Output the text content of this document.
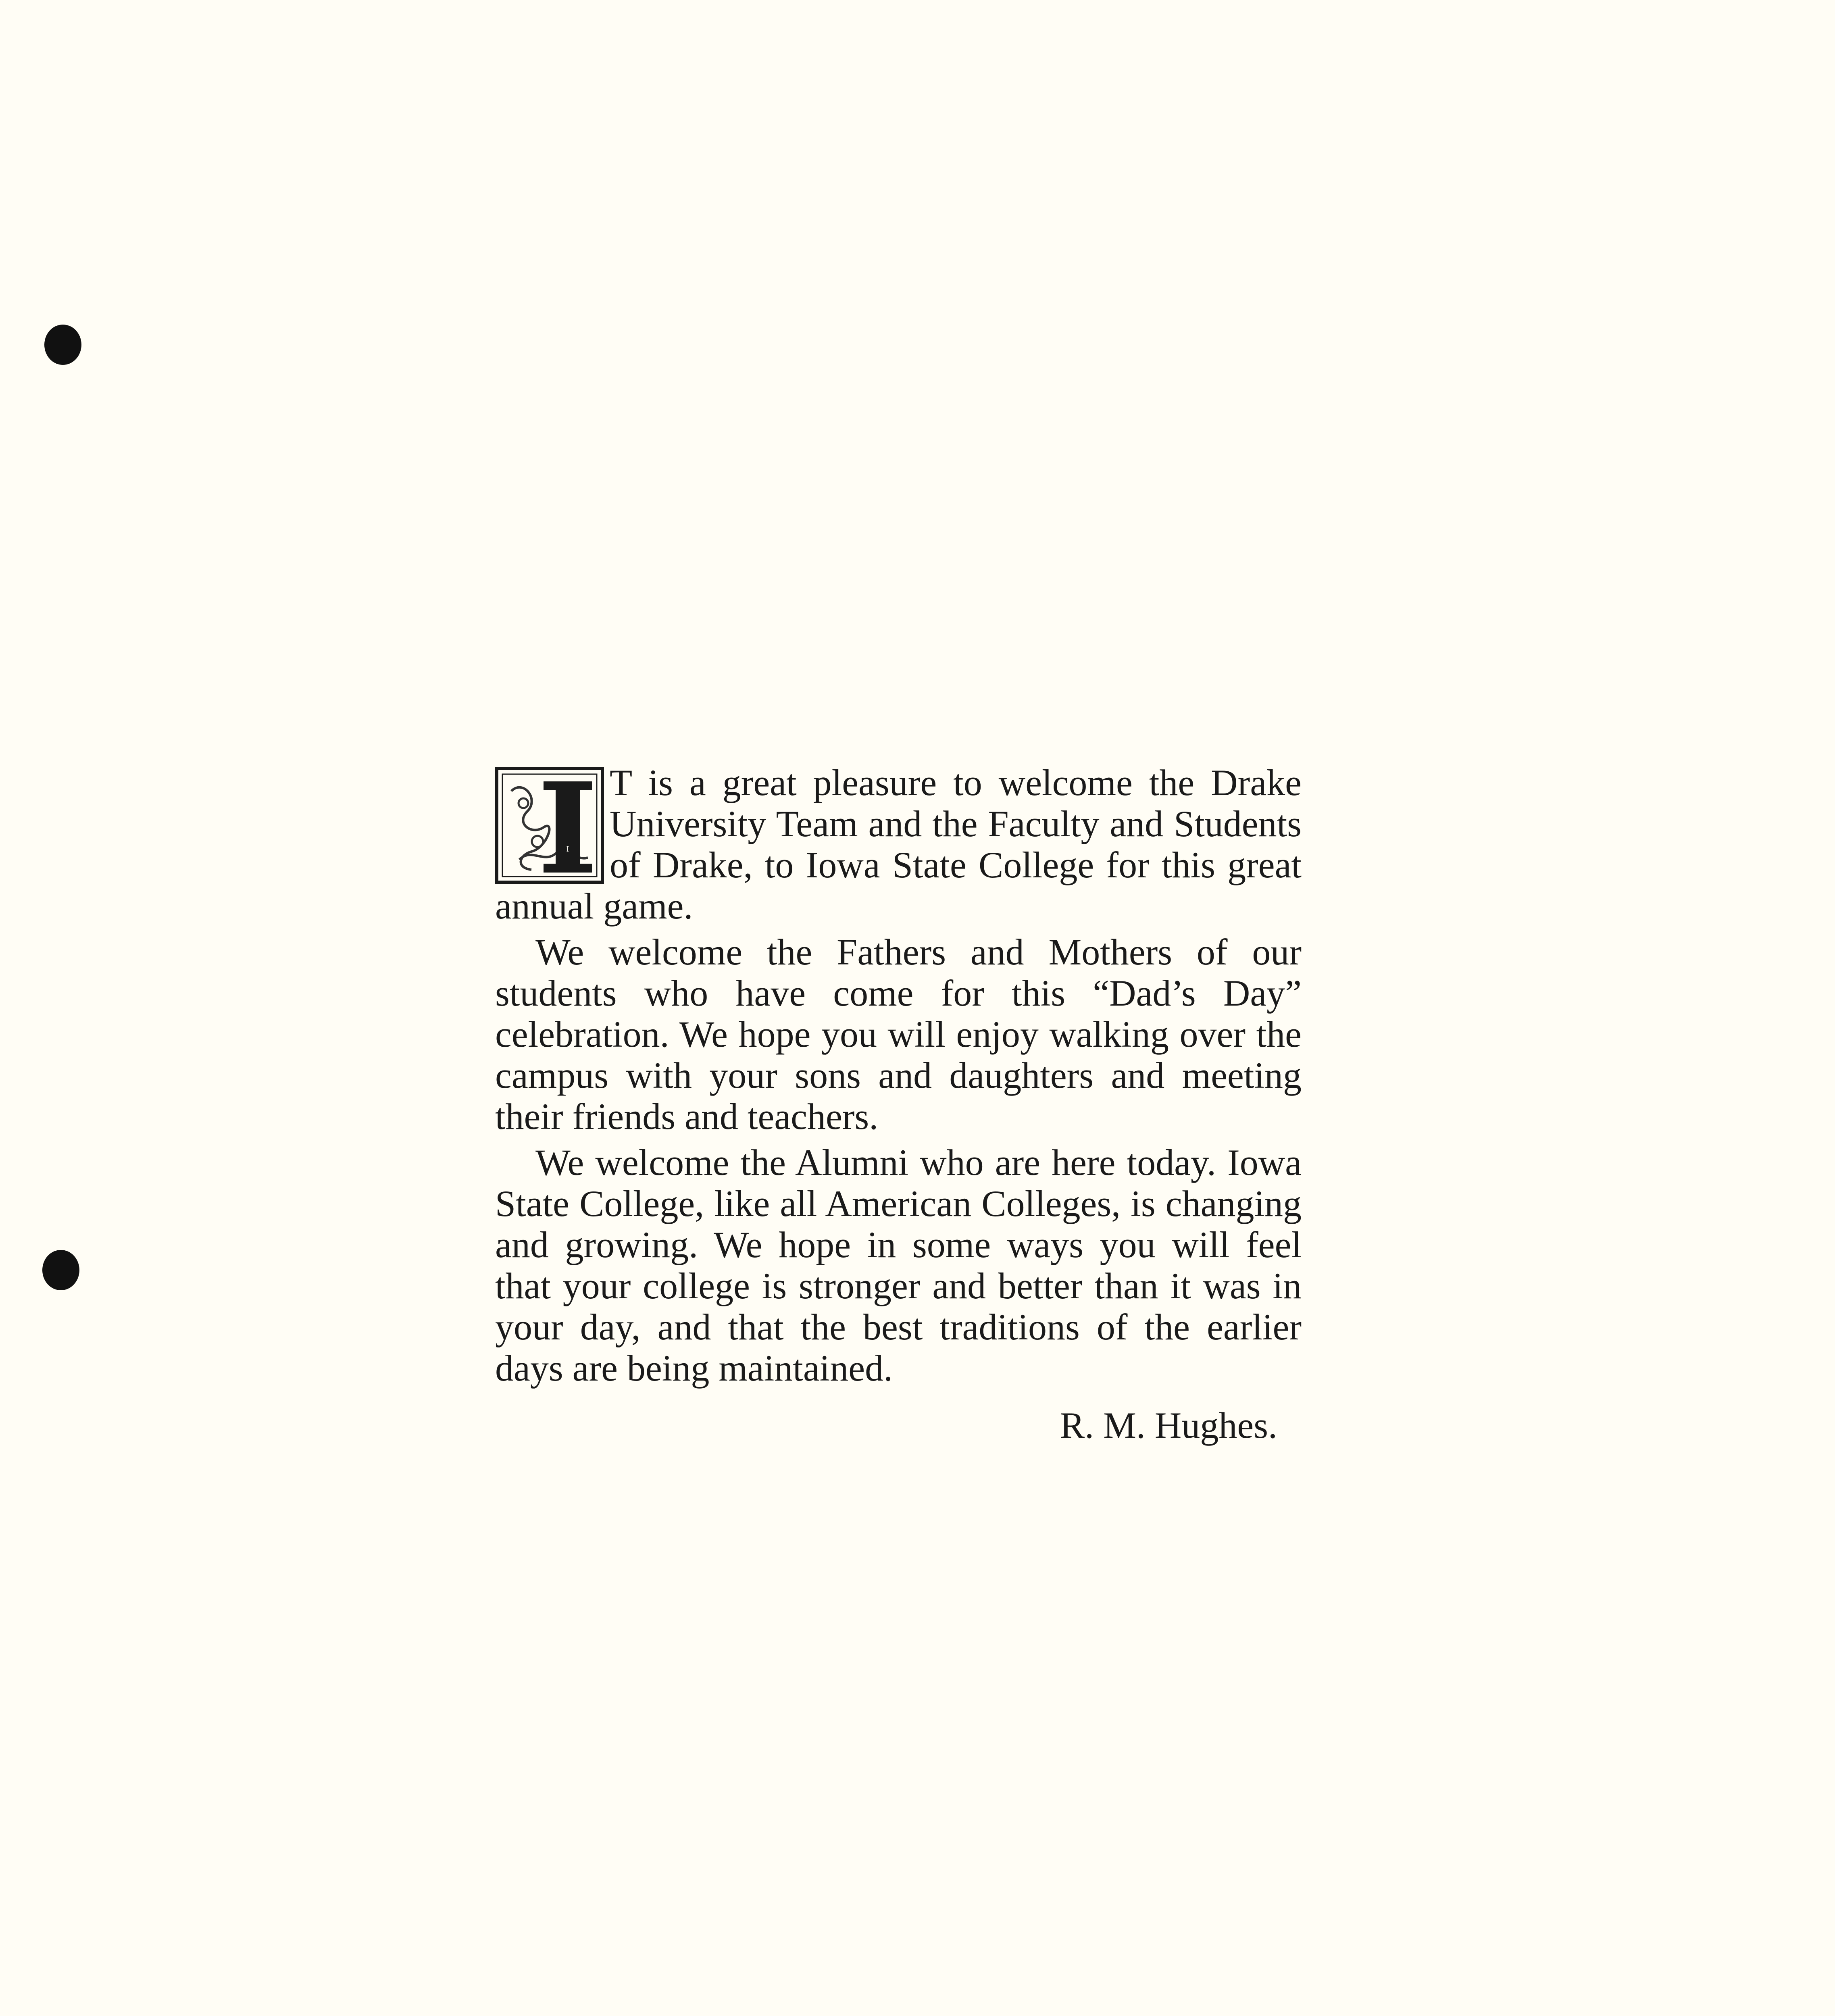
I
T is a great pleasure to welcome the Drake University Team and the Faculty and Students of Drake, to Iowa State College for this great annual game.

We welcome the Fathers and Mothers of our students who have come for this “Dad’s Day” celebration. We hope you will enjoy walking over the campus with your sons and daughters and meeting their friends and teachers.

We welcome the Alumni who are here today. Iowa State College, like all American Colleges, is changing and growing. We hope in some ways you will feel that your college is stronger and better than it was in your day, and that the best traditions of the earlier days are being maintained.

R. M. Hughes.
